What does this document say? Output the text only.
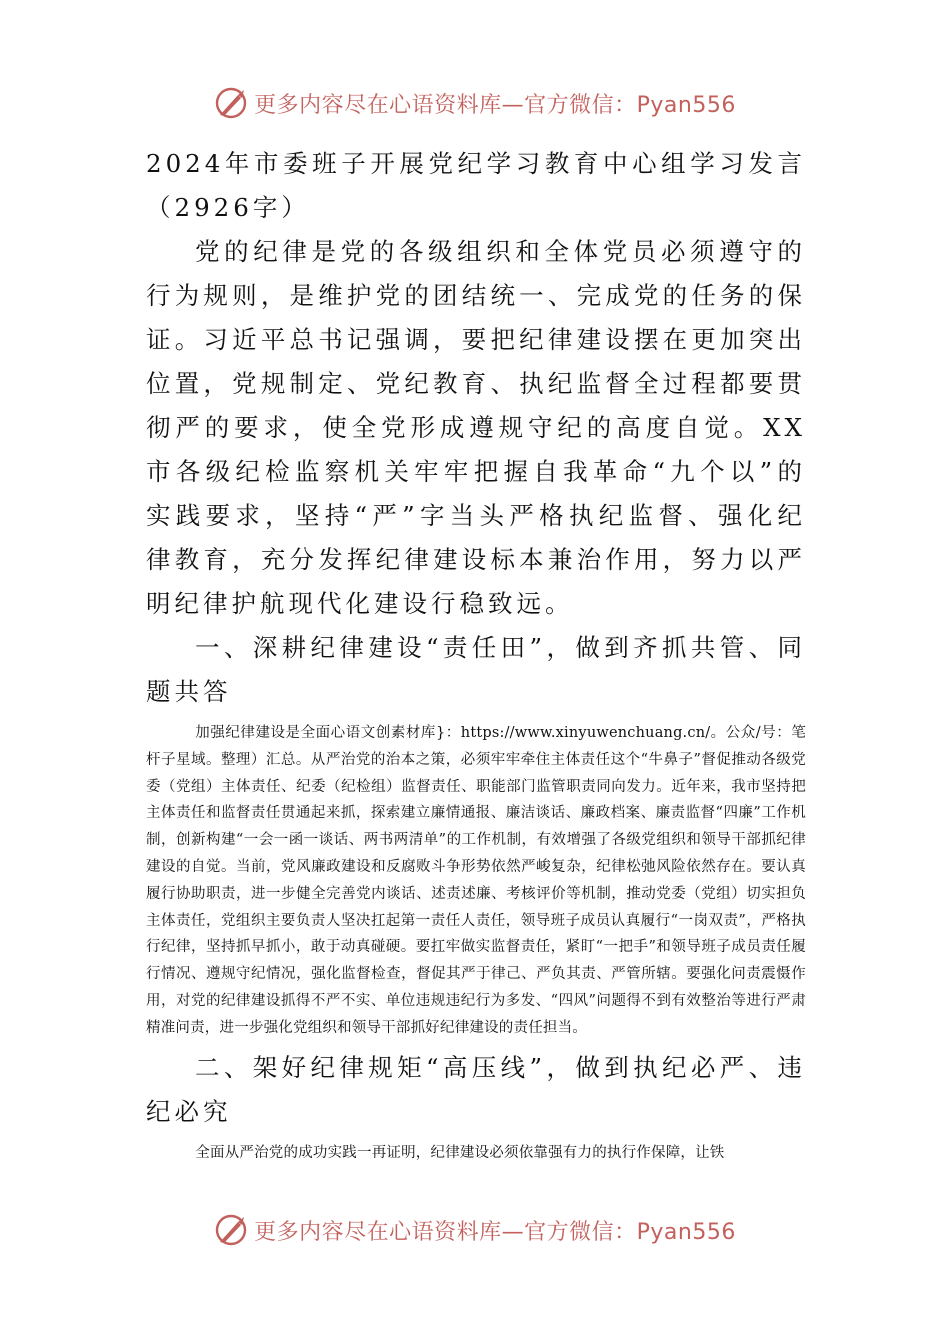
更多内容尽在心语资料库—官方微信：Pyan556

2024年市委班子开展党纪学习教育中心组学习发言（2926字）

党的纪律是党的各级组织和全体党员必须遵守的行为规则，是维护党的团结统一、完成党的任务的保证。习近平总书记强调，要把纪律建设摆在更加突出位置，党规制定、党纪教育、执纪监督全过程都要贯彻严的要求，使全党形成遵规守纪的高度自觉。XX市各级纪检监察机关牢牢把握自我革命“九个以”的实践要求，坚持“严”字当头严格执纪监督、强化纪律教育，充分发挥纪律建设标本兼治作用，努力以严明纪律护航现代化建设行稳致远。

一、深耕纪律建设“责任田”，做到齐抓共管、同题共答

加强纪律建设是全面心语文创素材库}：https://www.xinyuwenchuang.cn/。公众/号：笔杆子星域。整理）汇总。从严治党的治本之策，必须牢牢牵住主体责任这个“牛鼻子”督促推动各级党委（党组）主体责任、纪委（纪检组）监督责任、职能部门监管职责同向发力。近年来，我市坚持把主体责任和监督责任贯通起来抓，探索建立廉情通报、廉洁谈话、廉政档案、廉责监督“四廉”工作机制，创新构建“一会一函一谈话、两书两清单”的工作机制，有效增强了各级党组织和领导干部抓纪律建设的自觉。当前，党风廉政建设和反腐败斗争形势依然严峻复杂，纪律松弛风险依然存在。要认真履行协助职责，进一步健全完善党内谈话、述责述廉、考核评价等机制，推动党委（党组）切实担负主体责任，党组织主要负责人坚决扛起第一责任人责任，领导班子成员认真履行“一岗双责”，严格执行纪律，坚持抓早抓小，敢于动真碰硬。要扛牢做实监督责任，紧盯“一把手”和领导班子成员责任履行情况、遵规守纪情况，强化监督检查，督促其严于律己、严负其责、严管所辖。要强化问责震慑作用，对党的纪律建设抓得不严不实、单位违规违纪行为多发、“四风”问题得不到有效整治等进行严肃精准问责，进一步强化党组织和领导干部抓好纪律建设的责任担当。

二、架好纪律规矩“高压线”，做到执纪必严、违纪必究

全面从严治党的成功实践一再证明，纪律建设必须依靠强有力的执行作保障，让铁

更多内容尽在心语资料库—官方微信：Pyan556
